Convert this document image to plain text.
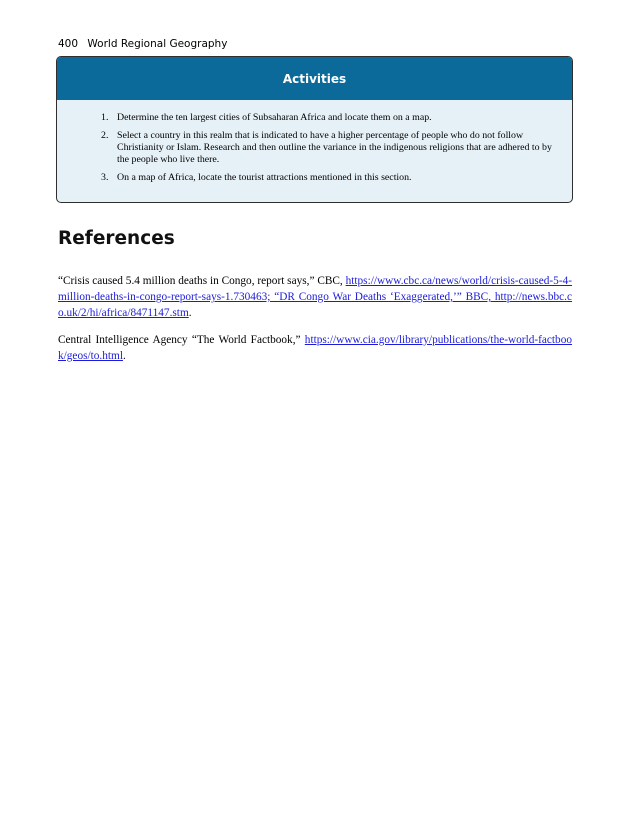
400 World Regional Geography
Activities
1. Determine the ten largest cities of Subsaharan Africa and locate them on a map.
2. Select a country in this realm that is indicated to have a higher percentage of people who do not follow Christianity or Islam. Research and then outline the variance in the indigenous religions that are adhered to by the people who live there.
3. On a map of Africa, locate the tourist attractions mentioned in this section.
References

“Crisis caused 5.4 million deaths in Congo, report says,” CBC, https://www.cbc.ca/news/world/crisis-caused-5-4-million-deaths-in-congo-report-says-1.730463; “DR Congo War Deaths ‘Exaggerated,’” BBC, http://news.bbc.co.uk/2/hi/africa/8471147.stm.

Central Intelligence Agency “The World Factbook,” https://www.cia.gov/library/publications/the-world-factbook/geos/to.html.
